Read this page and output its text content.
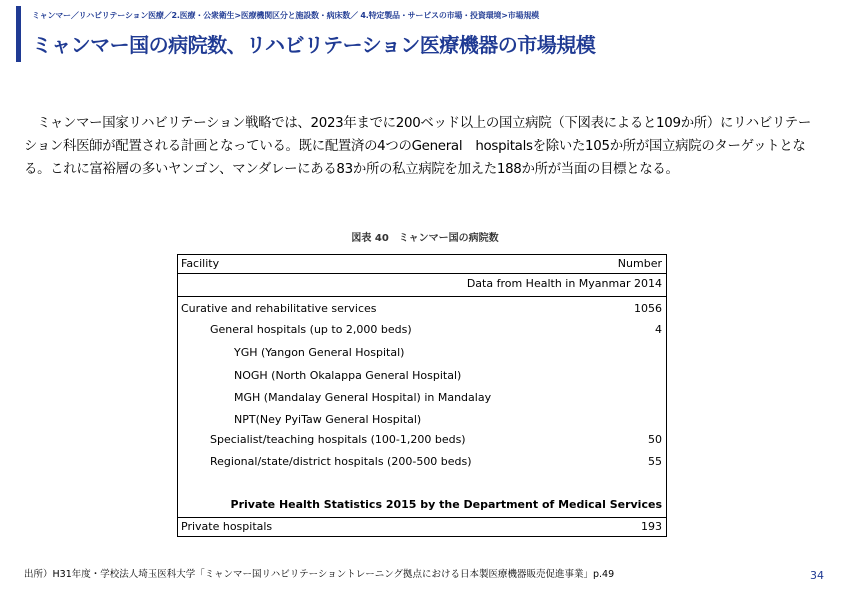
ミャンマー／リハビリテーション医療／2.医療・公衆衛生>医療機関区分と施設数・病床数／ 4.特定製品・サービスの市場・投資環境>市場規模
ミャンマー国の病院数、リハビリテーション医療機器の市場規模
　ミャンマー国家リハビリテーション戦略では、2023年までに200ベッド以上の国立病院（下図表によると109か所）にリハビリテーション科医師が配置される計画となっている。既に配置済の4つのGeneral　hospitalsを除いた105か所が国立病院のターゲットとなる。これに富裕層の多いヤンゴン、マンダレーにある83か所の私立病院を加えた188か所が当面の目標となる。
図表 40　ミャンマー国の病院数
Facility	Number
Data from Health in Myanmar 2014
Curative and rehabilitative services	1056
General hospitals (up to 2,000 beds)	4
YGH (Yangon General Hospital)
NOGH (North Okalappa General Hospital)
MGH (Mandalay General Hospital) in Mandalay
NPT(Ney PyiTaw General Hospital)
Specialist/teaching hospitals (100-1,200 beds)	50
Regional/state/district hospitals (200-500 beds)	55
Private Health Statistics 2015 by the Department of Medical Services
Private hospitals	193
出所）H31年度・学校法人埼玉医科大学「ミャンマー国リハビリテーショントレーニング拠点における日本製医療機器販売促進事業」p.49	34
